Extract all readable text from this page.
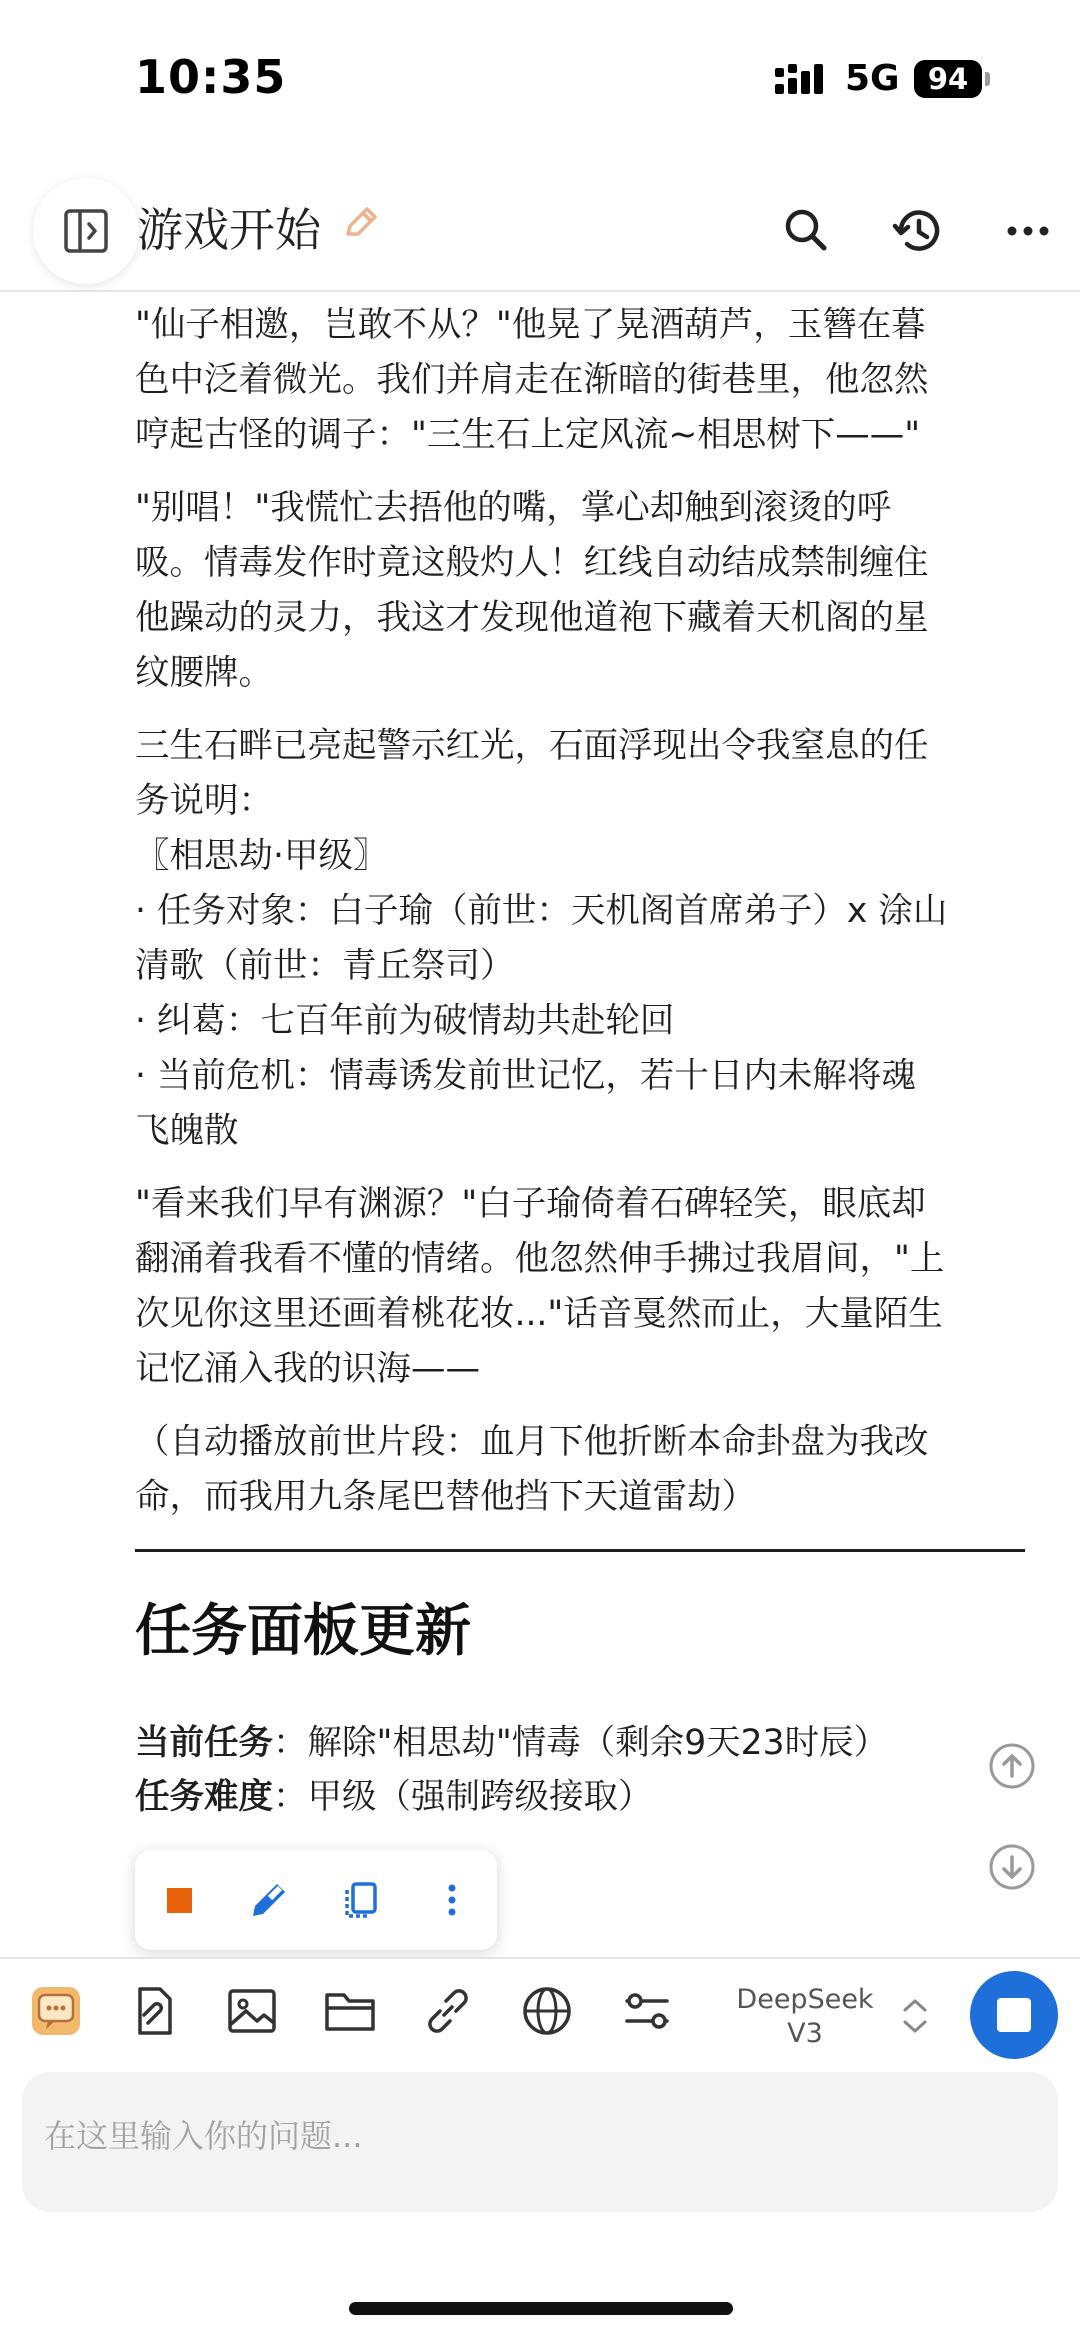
10:35	5G 94
游戏开始
"仙子相邀，岂敢不从？"他晃了晃酒葫芦，玉簪在暮
色中泛着微光。我们并肩走在渐暗的街巷里，他忽然
哼起古怪的调子："三生石上定风流~相思树下——"
"别唱！"我慌忙去捂他的嘴，掌心却触到滚烫的呼
吸。情毒发作时竟这般灼人！红线自动结成禁制缠住
他躁动的灵力，我这才发现他道袍下藏着天机阁的星
纹腰牌。
三生石畔已亮起警示红光，石面浮现出令我窒息的任
务说明：
〖相思劫·甲级〗
· 任务对象：白子瑜（前世：天机阁首席弟子）x 涂山
清歌（前世：青丘祭司）
· 纠葛：七百年前为破情劫共赴轮回
· 当前危机：情毒诱发前世记忆，若十日内未解将魂
飞魄散
"看来我们早有渊源？"白子瑜倚着石碑轻笑，眼底却
翻涌着我看不懂的情绪。他忽然伸手拂过我眉间，"上
次见你这里还画着桃花妆..."话音戛然而止，大量陌生
记忆涌入我的识海——
（自动播放前世片段：血月下他折断本命卦盘为我改
命，而我用九条尾巴替他挡下天道雷劫）
任务面板更新
当前任务：解除"相思劫"情毒（剩余9天23时辰）
任务难度：甲级（强制跨级接取）
DeepSeek
V3
在这里输入你的问题...
